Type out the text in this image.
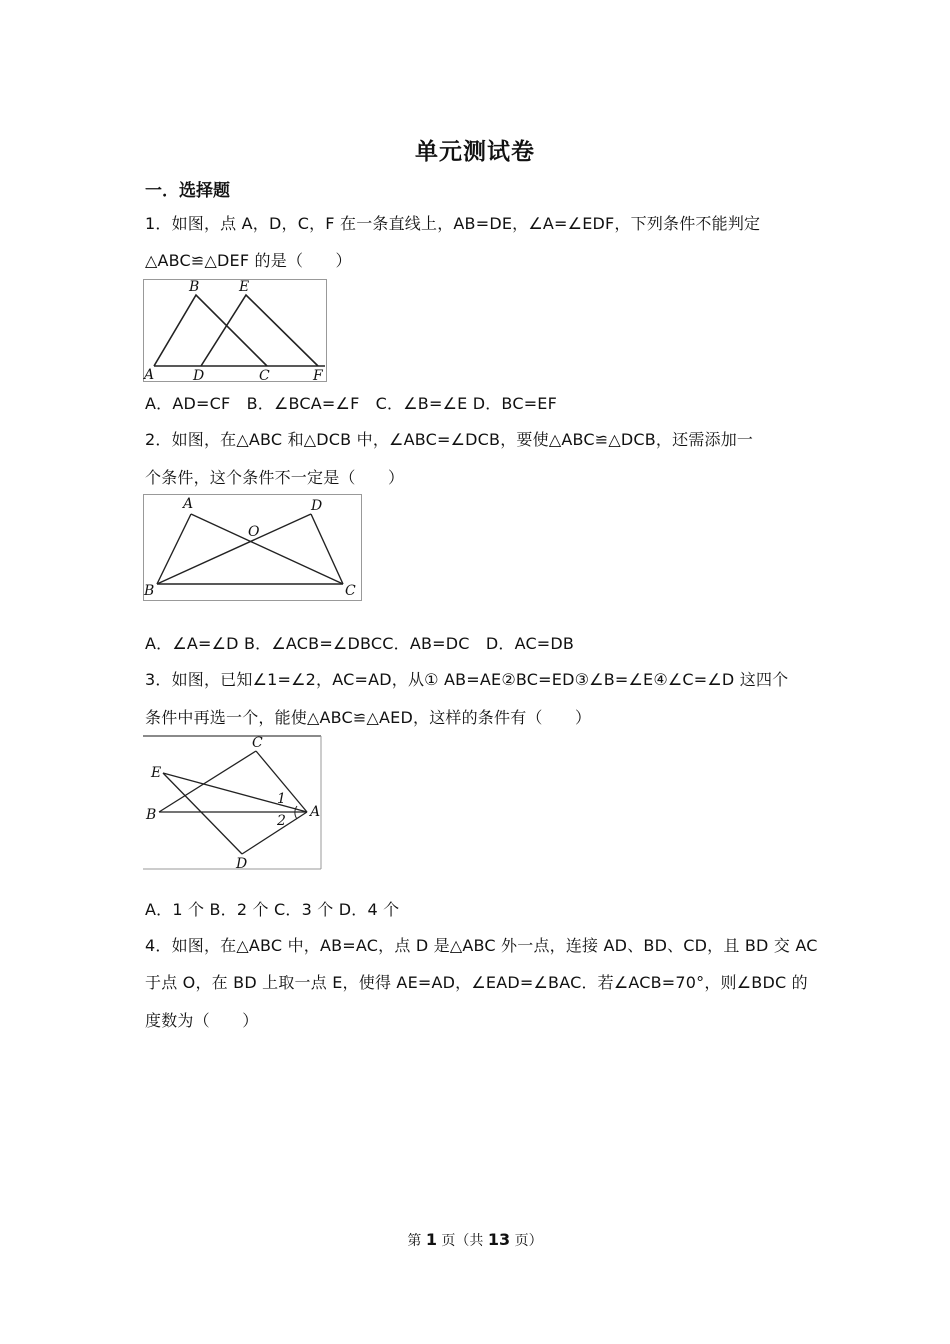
单元测试卷
一．选择题
1．如图，点 A，D，C，F 在一条直线上，AB=DE，∠A=∠EDF，下列条件不能判定
△ABC≌△DEF 的是（　　）
B	E
A	D	C	F
A．AD=CF　B．∠BCA=∠F　C．∠B=∠E D．BC=EF
2．如图，在△ABC 和△DCB 中，∠ABC=∠DCB，要使△ABC≌△DCB，还需添加一
个条件，这个条件不一定是（　　）
A	D
O
B	C
A．∠A=∠D B．∠ACB=∠DBCC．AB=DC　D．AC=DB
3．如图，已知∠1=∠2，AC=AD，从① AB=AE②BC=ED③∠B=∠E④∠C=∠D 这四个
条件中再选一个，能使△ABC≌△AED，这样的条件有（　　）
C
E
B	A
1
2
D
A．1 个 B．2 个 C．3 个 D．4 个
4．如图，在△ABC 中，AB=AC，点 D 是△ABC 外一点，连接 AD、BD、CD，且 BD 交 AC
于点 O，在 BD 上取一点 E，使得 AE=AD，∠EAD=∠BAC．若∠ACB=70°，则∠BDC 的
度数为（　　）
第 1 页（共 13 页）
